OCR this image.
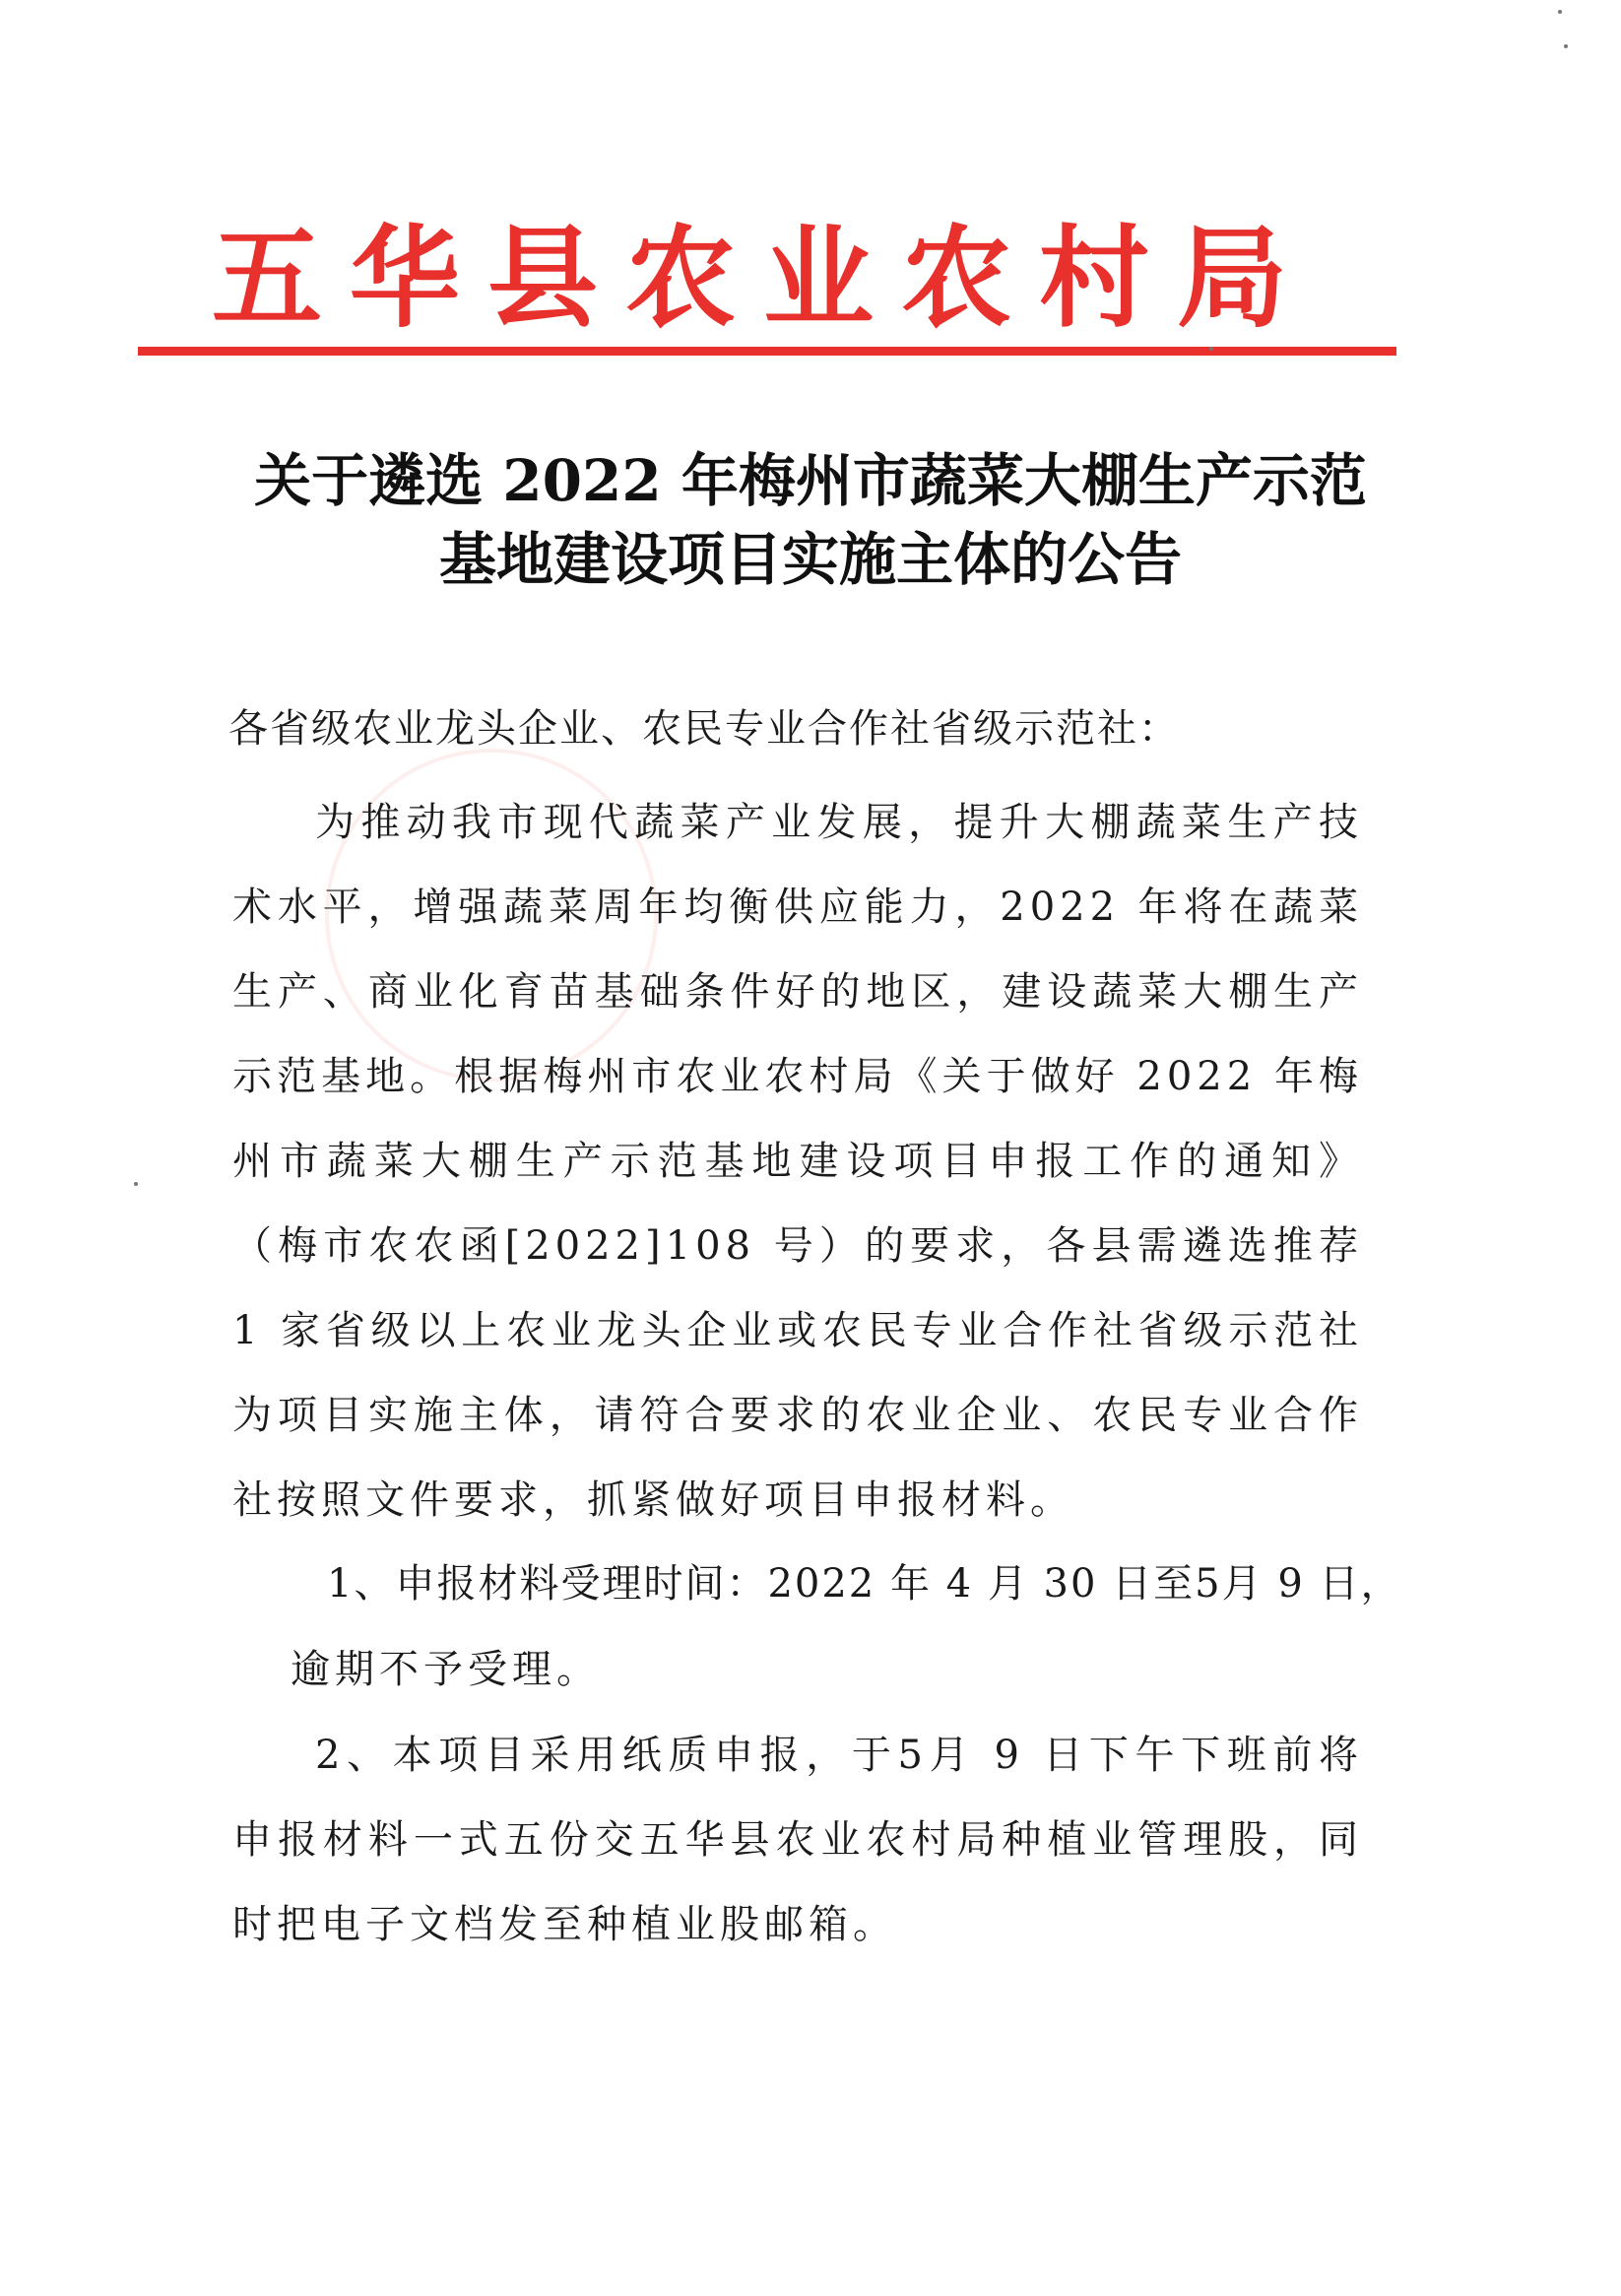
五华县农业农村局
关于遴选 2022 年梅州市蔬菜大棚生产示范
基地建设项目实施主体的公告
各省级农业龙头企业、农民专业合作社省级示范社：
为推动我市现代蔬菜产业发展，提升大棚蔬菜生产技术水平，增强蔬菜周年均衡供应能力，2022 年将在蔬菜生产、商业化育苗基础条件好的地区，建设蔬菜大棚生产示范基地。根据梅州市农业农村局《关于做好 2022 年梅州市蔬菜大棚生产示范基地建设项目申报工作的通知》（梅市农农函[2022]108 号）的要求，各县需遴选推荐 1 家省级以上农业龙头企业或农民专业合作社省级示范社为项目实施主体，请符合要求的农业企业、农民专业合作社按照文件要求，抓紧做好项目申报材料。
1、申报材料受理时间：2022 年 4 月 30 日至5月 9 日，
逾期不予受理。
2、本项目采用纸质申报，于5月 9 日下午下班前将申报材料一式五份交五华县农业农村局种植业管理股，同时把电子文档发至种植业股邮箱。
